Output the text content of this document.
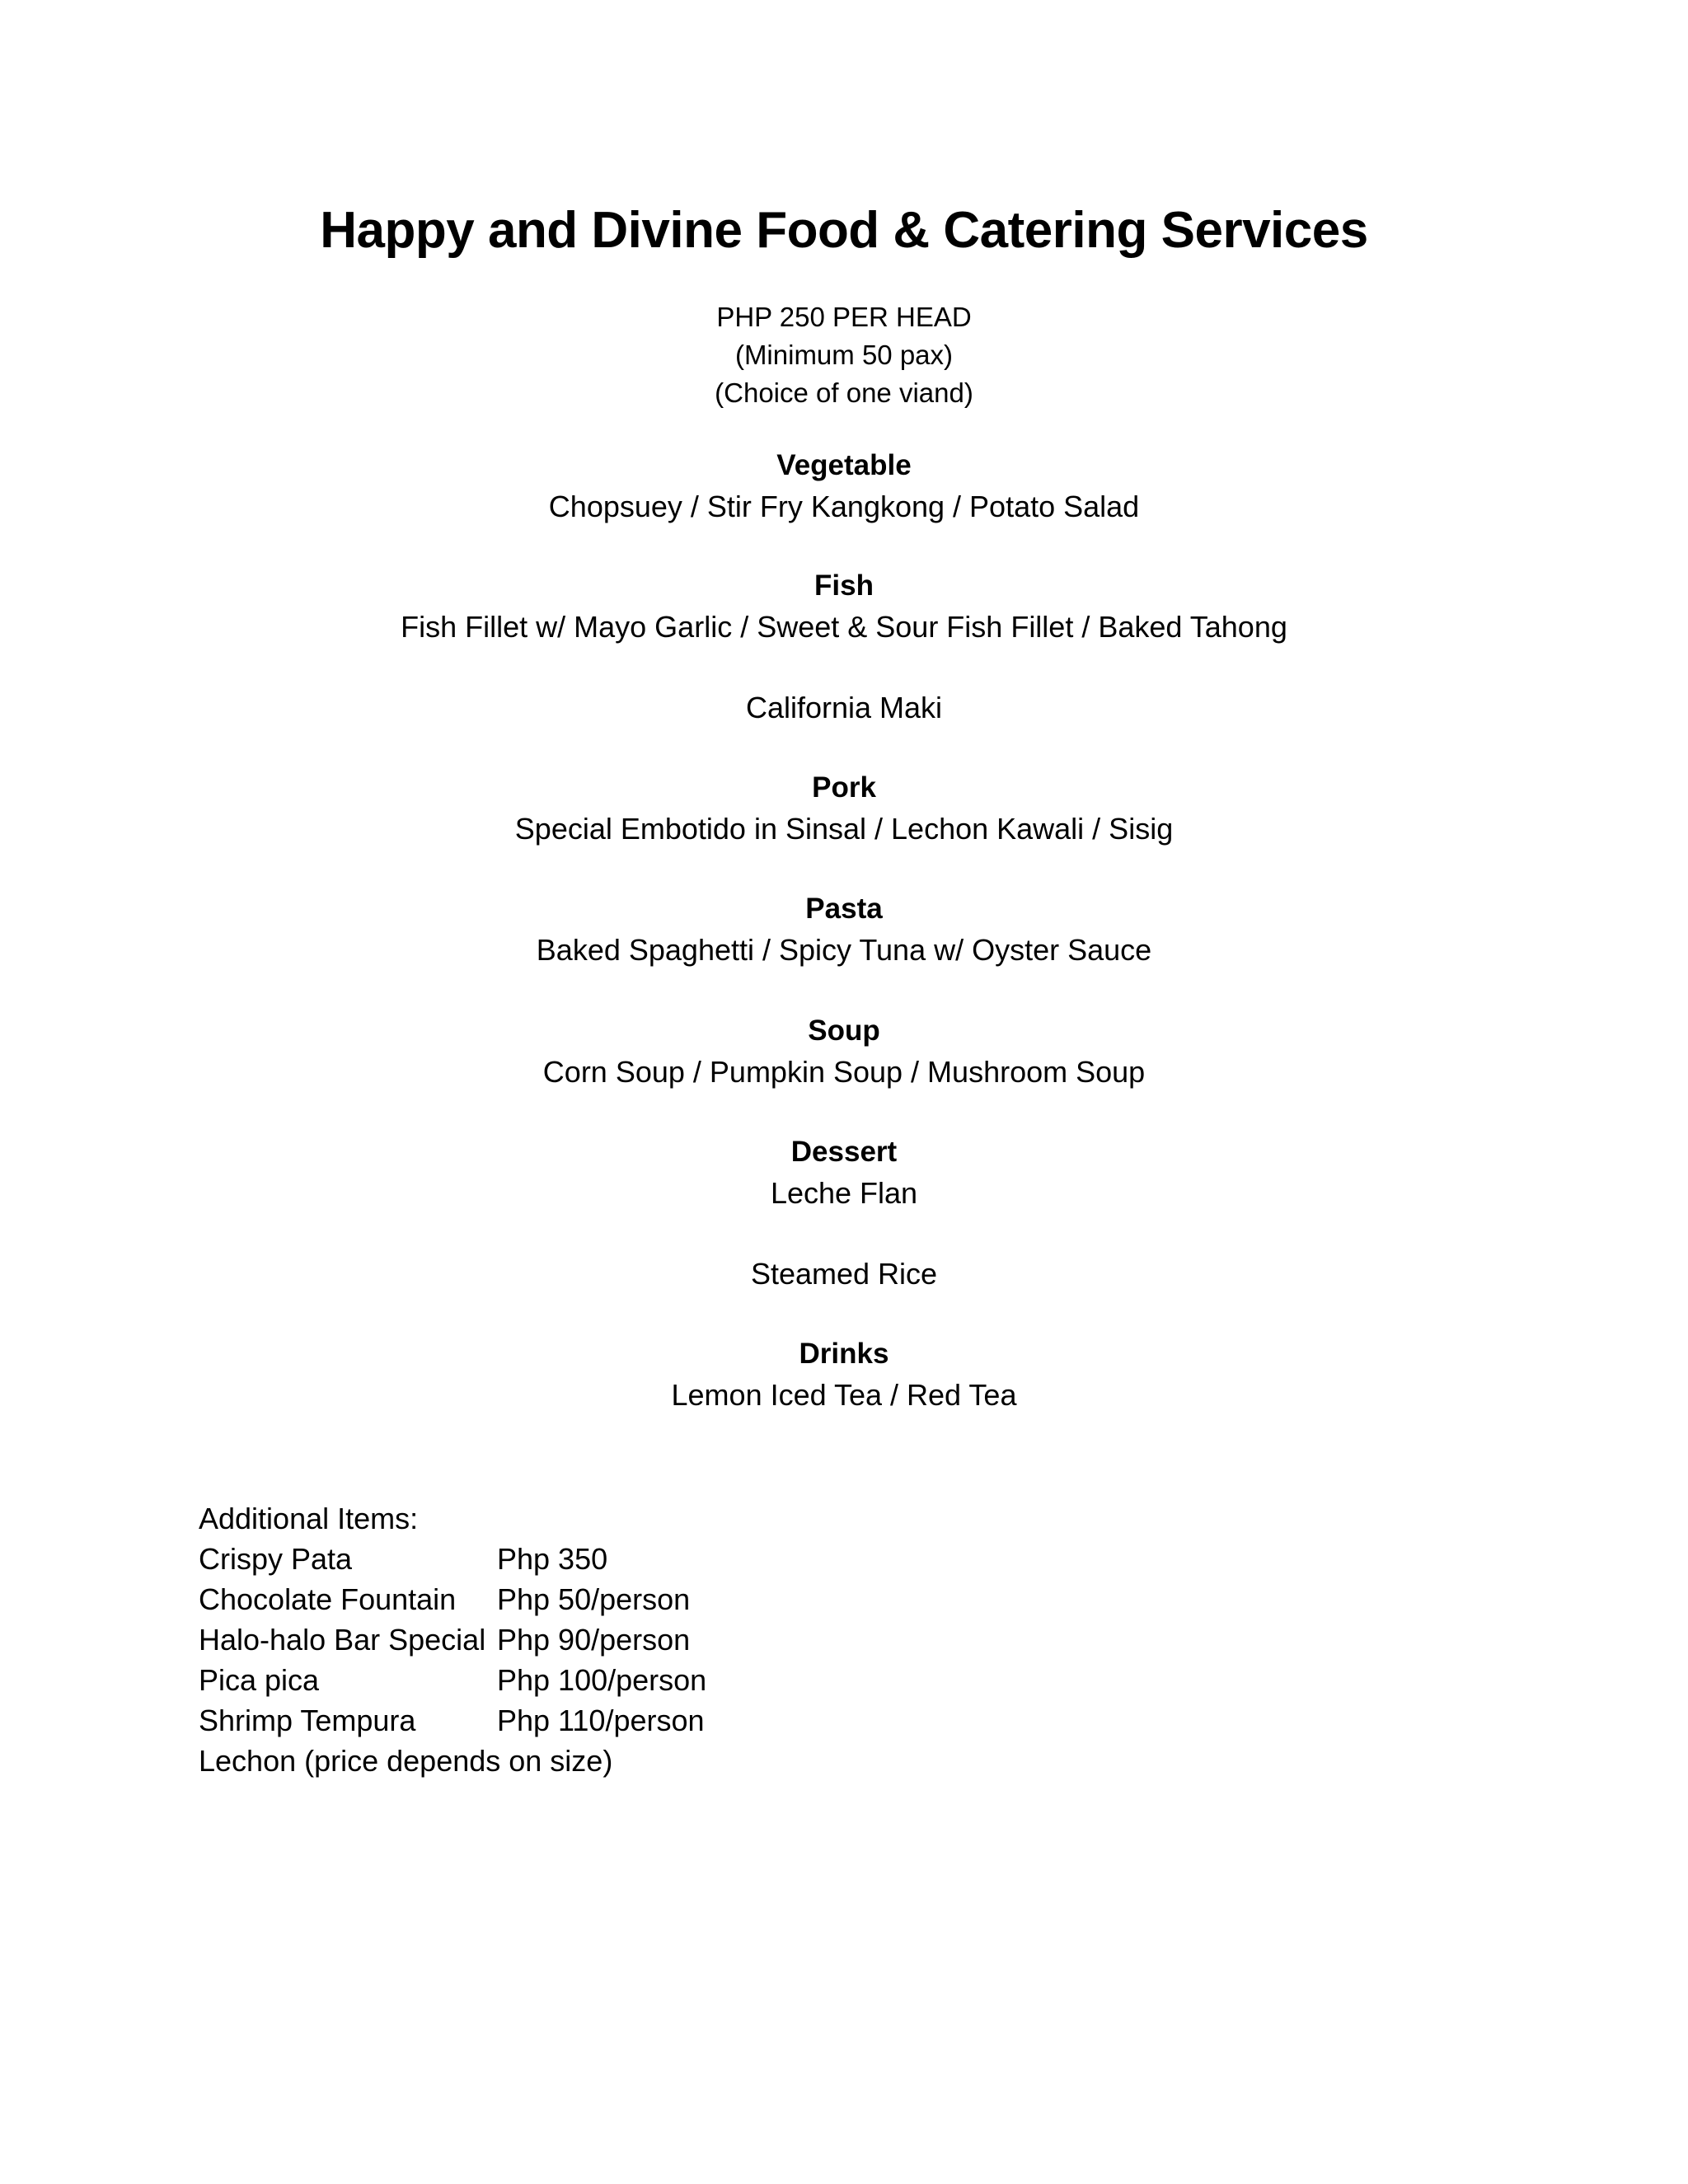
Happy and Divine Food & Catering Services
PHP 250 PER HEAD
(Minimum 50 pax)
(Choice of one viand)
Vegetable
Chopsuey / Stir Fry Kangkong / Potato Salad
Fish
Fish Fillet w/ Mayo Garlic / Sweet & Sour Fish Fillet / Baked Tahong
California Maki
Pork
Special Embotido in Sinsal / Lechon Kawali / Sisig
Pasta
Baked Spaghetti / Spicy Tuna w/ Oyster Sauce
Soup
Corn Soup / Pumpkin Soup / Mushroom Soup
Dessert
Leche Flan
Steamed Rice
Drinks
Lemon Iced Tea / Red Tea
Additional Items:
Crispy Pata	Php 350
Chocolate Fountain Php 50/person
Halo-halo Bar Special Php 90/person
Pica pica	Php 100/person
Shrimp Tempura	Php 110/person
Lechon (price depends on size)
